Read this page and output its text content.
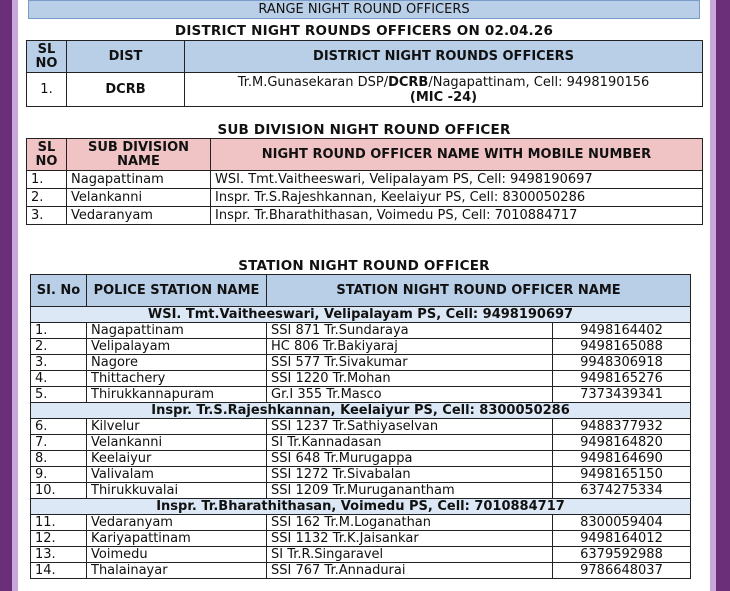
RANGE NIGHT ROUND OFFICERS
DISTRICT NIGHT ROUNDS OFFICERS ON 02.04.26
SL NO	DIST	DISTRICT NIGHT ROUNDS OFFICERS
1.	DCRB	Tr.M.Gunasekaran DSP/DCRB/Nagapattinam, Cell: 9498190156
(MIC -24)
SUB DIVISION NIGHT ROUND OFFICER
SL NO	SUB DIVISION NAME	NIGHT ROUND OFFICER NAME WITH MOBILE NUMBER
1.	Nagapattinam	WSI. Tmt.Vaitheeswari, Velipalayam PS, Cell: 9498190697
2.	Velankanni	Inspr. Tr.S.Rajeshkannan, Keelaiyur PS, Cell: 8300050286
3.	Vedaranyam	Inspr. Tr.Bharathithasan, Voimedu PS, Cell: 7010884717
STATION NIGHT ROUND OFFICER
SI. No	POLICE STATION NAME	STATION NIGHT ROUND OFFICER NAME	
WSI. Tmt.Vaitheeswari, Velipalayam PS, Cell: 9498190697			
1.	Nagapattinam	SSI 871 Tr.Sundaraya	9498164402
2.	Velipalayam	HC 806 Tr.Bakiyaraj	9498165088
3.	Nagore	SSI 577 Tr.Sivakumar	9948306918
4.	Thittachery	SSI 1220 Tr.Mohan	9498165276
5.	Thirukkannapuram	Gr.I 355 Tr.Masco	7373439341
Inspr. Tr.S.Rajeshkannan, Keelaiyur PS, Cell: 8300050286			
6.	Kilvelur	SSI 1237 Tr.Sathiyaselvan	9488377932
7.	Velankanni	SI Tr.Kannadasan	9498164820
8.	Keelaiyur	SSI 648 Tr.Murugappa	9498164690
9.	Valivalam	SSI 1272 Tr.Sivabalan	9498165150
10.	Thirukkuvalai	SSI 1209 Tr.Muruganantham	6374275334
Inspr. Tr.Bharathithasan, Voimedu PS, Cell: 7010884717			
11.	Vedaranyam	SSI 162 Tr.M.Loganathan	8300059404
12.	Kariyapattinam	SSI 1132 Tr.K.Jaisankar	9498164012
13.	Voimedu	SI Tr.R.Singaravel	6379592988
14.	Thalainayar	SSI 767 Tr.Annadurai	9786648037
